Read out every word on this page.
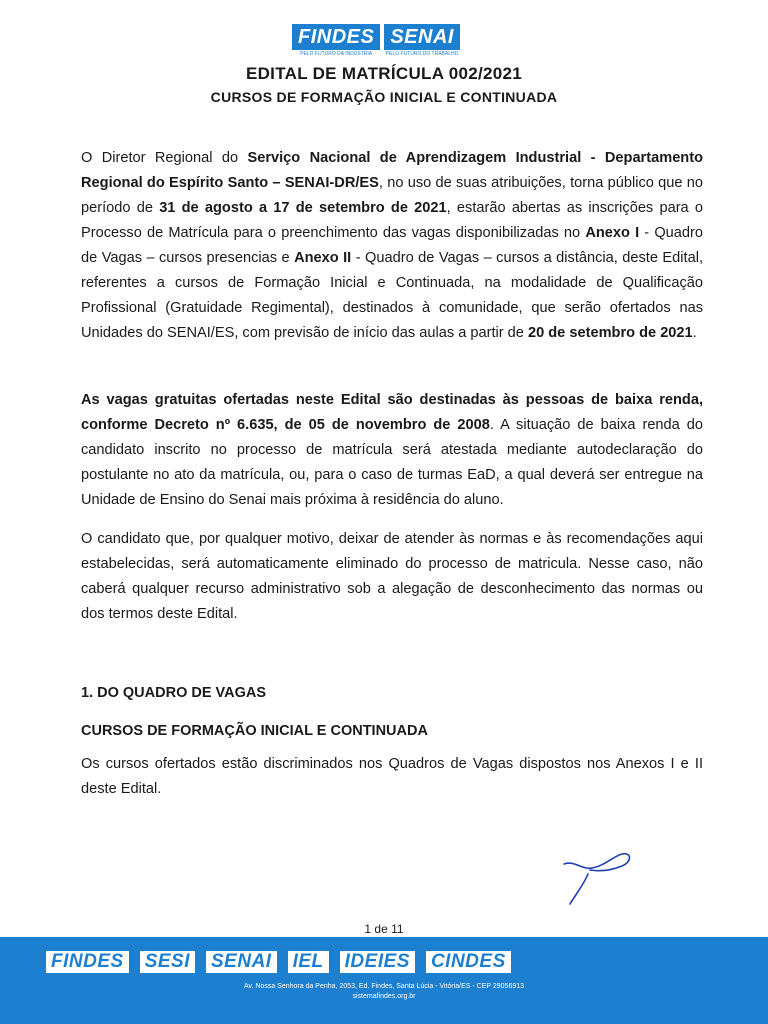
FINDES
PELO FUTURO DA INDÚSTRIA
SENAI
PELO FUTURO DO TRABALHO
EDITAL DE MATRÍCULA 002/2021
CURSOS DE FORMAÇÃO INICIAL E CONTINUADA
O Diretor Regional do Serviço Nacional de Aprendizagem Industrial - Departamento Regional do Espírito Santo – SENAI-DR/ES, no uso de suas atribuições, torna público que no período de 31 de agosto a 17 de setembro de 2021, estarão abertas as inscrições para o Processo de Matrícula para o preenchimento das vagas disponibilizadas no Anexo I - Quadro de Vagas – cursos presencias e Anexo II - Quadro de Vagas – cursos a distância, deste Edital, referentes a cursos de Formação Inicial e Continuada, na modalidade de Qualificação Profissional (Gratuidade Regimental), destinados à comunidade, que serão ofertados nas Unidades do SENAI/ES, com previsão de início das aulas a partir de 20 de setembro de 2021.
As vagas gratuitas ofertadas neste Edital são destinadas às pessoas de baixa renda, conforme Decreto nº 6.635, de 05 de novembro de 2008. A situação de baixa renda do candidato inscrito no processo de matrícula será atestada mediante autodeclaração do postulante no ato da matrícula, ou, para o caso de turmas EaD, a qual deverá ser entregue na Unidade de Ensino do Senai mais próxima à residência do aluno.
O candidato que, por qualquer motivo, deixar de atender às normas e às recomendações aqui estabelecidas, será automaticamente eliminado do processo de matricula. Nesse caso, não caberá qualquer recurso administrativo sob a alegação de desconhecimento das normas ou dos termos deste Edital.
1. DO QUADRO DE VAGAS
CURSOS DE FORMAÇÃO INICIAL E CONTINUADA
Os cursos ofertados estão discriminados nos Quadros de Vagas dispostos nos Anexos I e II deste Edital.
1 de 11
FINDES SESI SENAI IEL IDEIES CINDES
Av. Nossa Senhora da Penha, 2053, Ed. Findes, Santa Lúcia - Vitória/ES - CEP 29056913
sistemafindes.org.br
